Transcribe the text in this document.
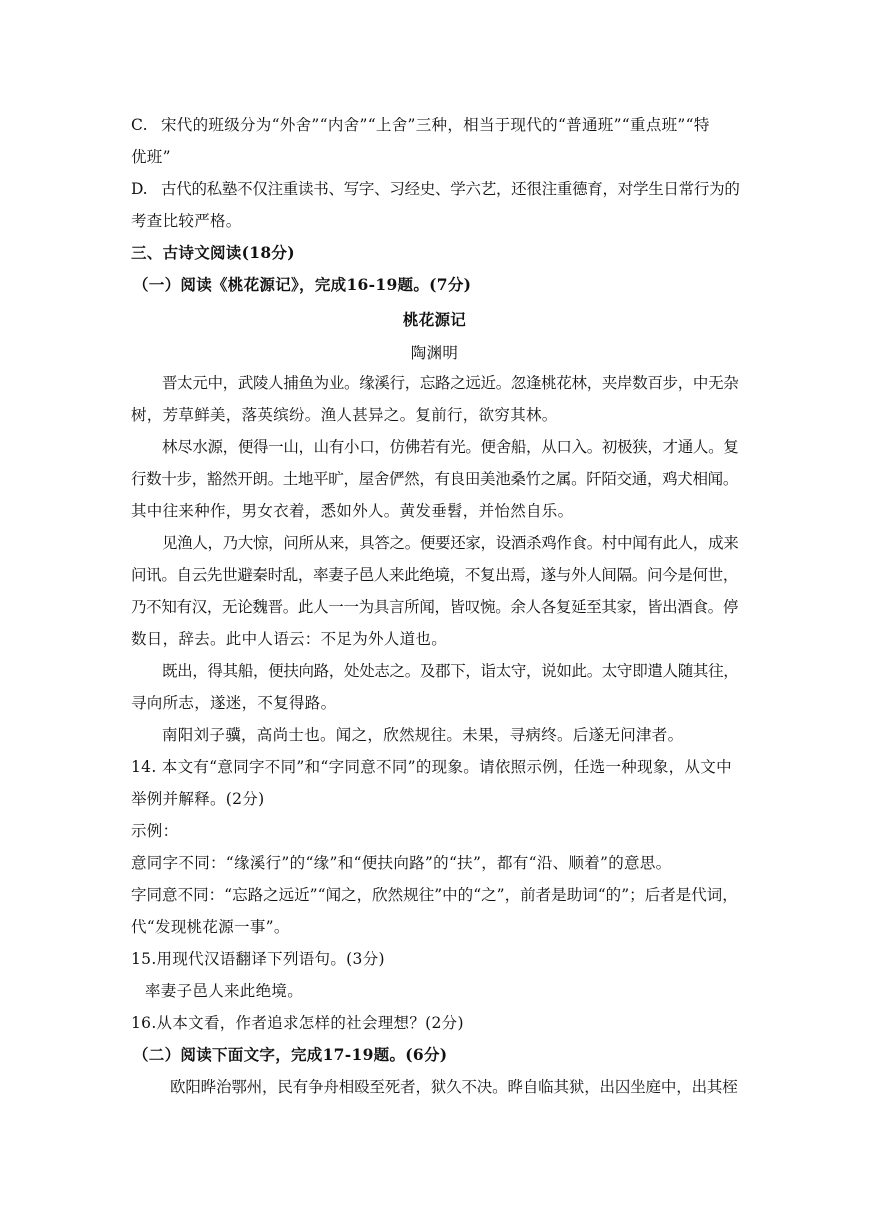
C. 宋代的班级分为“外舍”“内舍”“上舍”三种，相当于现代的“普通班”“重点班”“特
优班”
D. 古代的私塾不仅注重读书、写字、习经史、学六艺，还很注重德育，对学生日常行为的
考查比较严格。
三、古诗文阅读(18分)
（一）阅读《桃花源记》，完成16-19题。(7分)
桃花源记
陶渊明
晋太元中，武陵人捕鱼为业。缘溪行，忘路之远近。忽逢桃花林，夹岸数百步，中无杂
树，芳草鲜美，落英缤纷。渔人甚异之。复前行，欲穷其林。
林尽水源，便得一山，山有小口，仿佛若有光。便舍船，从口入。初极狭，才通人。复
行数十步，豁然开朗。土地平旷，屋舍俨然，有良田美池桑竹之属。阡陌交通，鸡犬相闻。
其中往来种作，男女衣着，悉如外人。黄发垂髫，并怡然自乐。
见渔人，乃大惊，问所从来，具答之。便要还家，设酒杀鸡作食。村中闻有此人，成来
问讯。自云先世避秦时乱，率妻子邑人来此绝境，不复出焉，遂与外人间隔。问今是何世，
乃不知有汉，无论魏晋。此人一一为具言所闻，皆叹惋。余人各复延至其家，皆出酒食。停
数日，辞去。此中人语云：不足为外人道也。
既出，得其船，便扶向路，处处志之。及郡下，诣太守，说如此。太守即遣人随其往，
寻向所志，遂迷，不复得路。
南阳刘子骥，高尚士也。闻之，欣然规往。未果，寻病终。后遂无问津者。
14. 本文有“意同字不同”和“字同意不同”的现象。请依照示例，任选一种现象，从文中
举例并解释。(2分)
示例：
意同字不同：“缘溪行”的“缘”和“便扶向路”的“扶”，都有“沿、顺着”的意思。
字同意不同：“忘路之远近”“闻之，欣然规往”中的“之”，前者是助词“的”；后者是代词，
代“发现桃花源一事”。
15.用现代汉语翻译下列语句。(3分)
率妻子邑人来此绝境。
16.从本文看，作者追求怎样的社会理想？(2分)
（二）阅读下面文字，完成17-19题。(6分)
欧阳晔治鄂州，民有争舟相殴至死者，狱久不决。晔自临其狱，出囚坐庭中，出其桎
